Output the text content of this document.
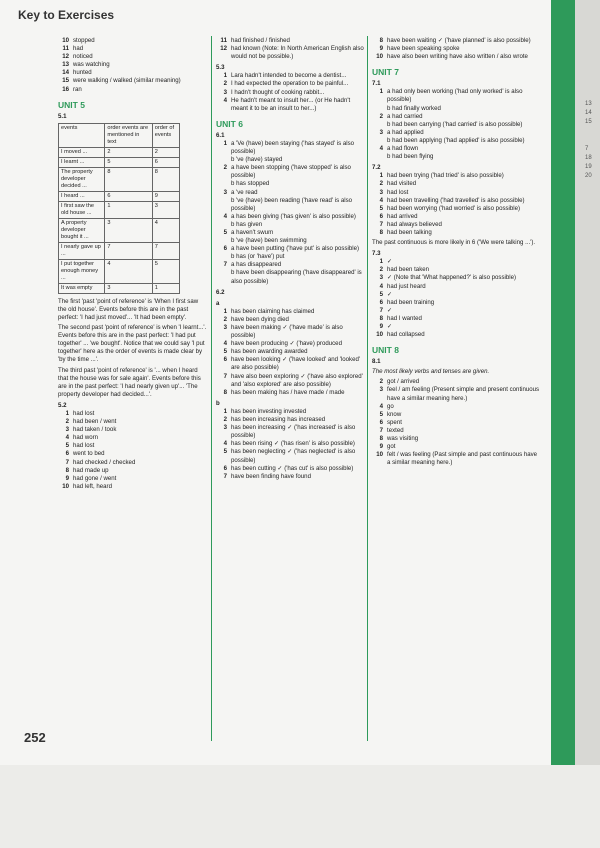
Key to Exercises
10 stopped
11 had
12 noticed
13 was watching
14 hunted
15 were walking / walked (similar meaning)
16 ran
UNIT 5
5.1
events	order events are mentioned in text	order of events
I moved ...	2	2
I learnt ...	5	6
The property developer decided ...	8	8
I heard ...	6	9
I first saw the old house ...	1	3
A property developer bought it ...	3	4
I nearly gave up ...	7	7
I put together enough money ...	4	5
It was empty	3	1
The first 'past 'point of reference' is 'When I first saw the old house'. Events before this are in the past perfect: 'I had just moved'... 'It had been empty'.
The second past 'point of reference' is when 'I learnt...'. Events before this are in the past perfect: 'I had put together' ... 'we bought'. Notice that we could say 'I put together' here as the order of events is made clear by 'by the time ...'.
The third past 'point of reference' is '... when I heard that the house was for sale again'. Events before this are in the past perfect: 'I had nearly given up'... 'The property developer had decided...'.
5.2
1 had lost
2 had been / went
3 had taken / took
4 had worn
5 had lost
6 went to bed
7 had checked / checked
8 had made up
9 had gone / went
10 had left, heard
11 had finished / finished
12 had known (Note: In North American English also would not be possible.)
5.3
1 Lara hadn't intended to become a dentist...
2 I had expected the operation to be painful...
3 I hadn't thought of cooking rabbit...
4 He hadn't meant to insult her... (or He hadn't meant it to be an insult to her...)
UNIT 6
6.1
1 a 'Ve (have) been staying ('has stayed' is also possible)
b 've (have) stayed
2 a have been stopping ('have stopped' is also possible)
b has stopped
3 a 've read
b 've (have) been reading ('have read' is also possible)
4 a has been giving ('has given' is also possible)
b has given
5 a haven't swum
b 've (have) been swimming
6 a have been putting ('have put' is also possible)
b has (or 'have') put
7 a has disappeared
b have been disappearing ('have disappeared' is also possible)
6.2
a
1 has been claiming has claimed
2 have been dying died
3 have been making ✓ ('have made' is also possible)
4 have been producing ✓ ('have) produced
5 has been awarding awarded
6 have been looking ✓ ('have looked' and 'looked' are also possible)
7 have also been exploring ✓ ('have also explored' and 'also explored' are also possible)
8 has been making has / have made / made
b
1 has been investing invested
2 has been increasing has increased
3 has been increasing ✓ ('has increased' is also possible)
4 has been rising ✓ ('has risen' is also possible)
5 has been neglecting ✓ ('has neglected' is also possible)
6 has been cutting ✓ ('has cut' is also possible)
7 have been finding have found
8 have been waiting ✓ ('have planned' is also possible)
9 have been speaking spoke
10 have also been writing have also written / also wrote
UNIT 7
7.1
1 a had only been working ('had only worked' is also possible)
b had finally worked
2 a had carried
b had been carrying ('had carried' is also possible)
3 a had applied
b had been applying ('had applied' is also possible)
4 a had flown
b had been flying
7.2
1 had been trying ('had tried' is also possible)
2 had visited
3 had lost
4 had been travelling ('had travelled' is also possible)
5 had been worrying ('had worried' is also possible)
6 had arrived
7 had always believed
8 had been talking
The past continuous is more likely in 6 ('We were talking ...').
7.3
1 ✓
2 had been taken
3 ✓ (Note that 'What happened?' is also possible)
4 had just heard
5 ✓
6 had been training
7 ✓
8 had I wanted
9 ✓
10 had collapsed
UNIT 8
8.1
The most likely verbs and tenses are given.
2 got / arrived
3 feel / am feeling (Present simple and present continuous have a similar meaning here.)
4 go
5 know
6 spent
7 texted
8 was visiting
9 got
10 felt / was feeling (Past simple and past continuous have a similar meaning here.)
13
14
15

7
18
19
20
252
